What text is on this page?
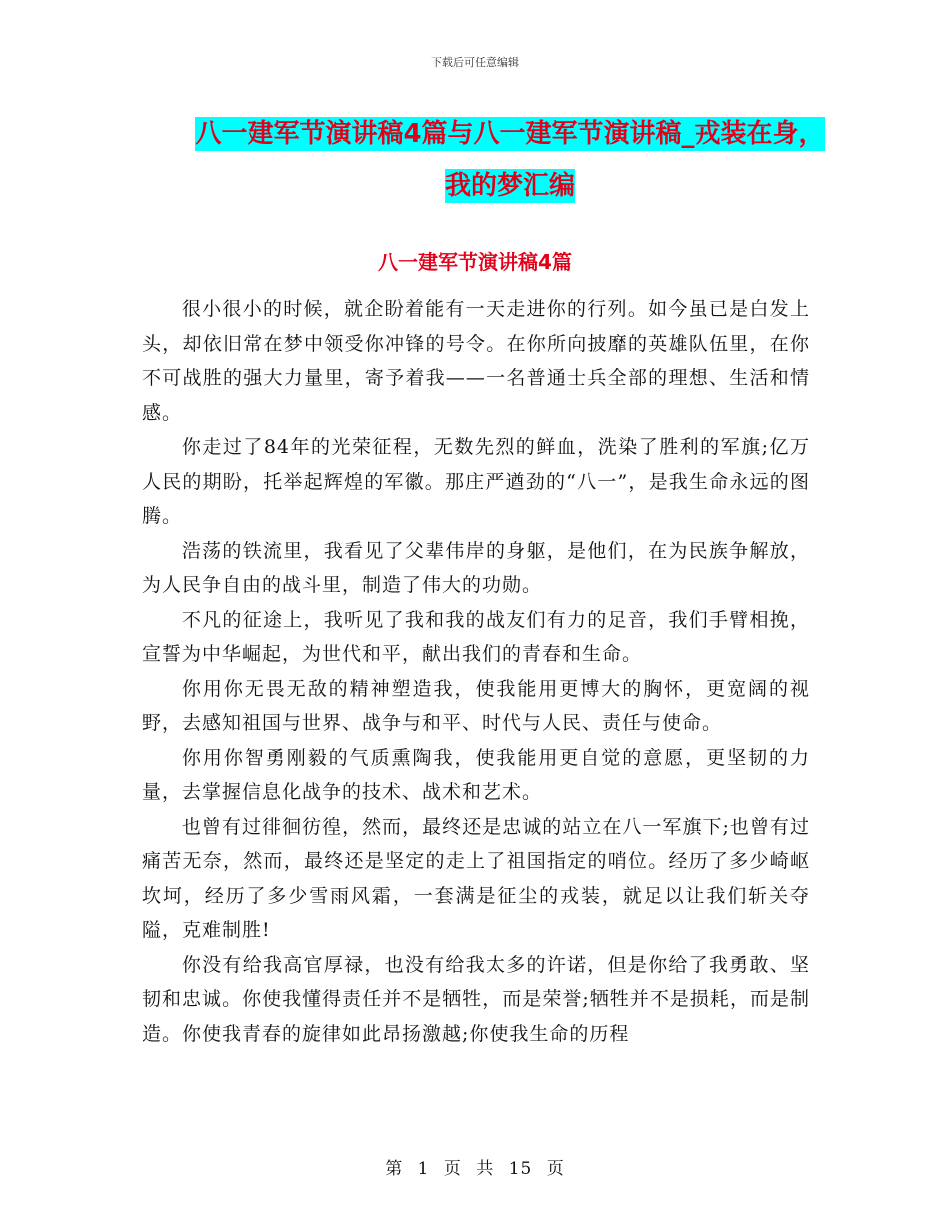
下载后可任意编辑
八一建军节演讲稿4篇与八一建军节演讲稿_戎装在身，
我的梦汇编
八一建军节演讲稿4篇

很小很小的时候，就企盼着能有一天走进你的行列。如今虽已是白发上头，却依旧常在梦中领受你冲锋的号令。在你所向披靡的英雄队伍里，在你不可战胜的强大力量里，寄予着我——一名普通士兵全部的理想、生活和情感。

你走过了84年的光荣征程，无数先烈的鲜血，洗染了胜利的军旗;亿万人民的期盼，托举起辉煌的军徽。那庄严遒劲的“八一”，是我生命永远的图腾。

浩荡的铁流里，我看见了父辈伟岸的身躯，是他们，在为民族争解放，为人民争自由的战斗里，制造了伟大的功勋。

不凡的征途上，我听见了我和我的战友们有力的足音，我们手臂相挽，宣誓为中华崛起，为世代和平，献出我们的青春和生命。

你用你无畏无敌的精神塑造我，使我能用更博大的胸怀，更宽阔的视野，去感知祖国与世界、战争与和平、时代与人民、责任与使命。

你用你智勇刚毅的气质熏陶我，使我能用更自觉的意愿，更坚韧的力量，去掌握信息化战争的技术、战术和艺术。

也曾有过徘徊彷徨，然而，最终还是忠诚的站立在八一军旗下;也曾有过痛苦无奈，然而，最终还是坚定的走上了祖国指定的哨位。经历了多少崎岖坎坷，经历了多少雪雨风霜，一套满是征尘的戎装，就足以让我们斩关夺隘，克难制胜!

你没有给我高官厚禄，也没有给我太多的许诺，但是你给了我勇敢、坚韧和忠诚。你使我懂得责任并不是牺牲，而是荣誉;牺牲并不是损耗，而是制造。你使我青春的旋律如此昂扬激越;你使我生命的历程

第 1 页 共 15 页
